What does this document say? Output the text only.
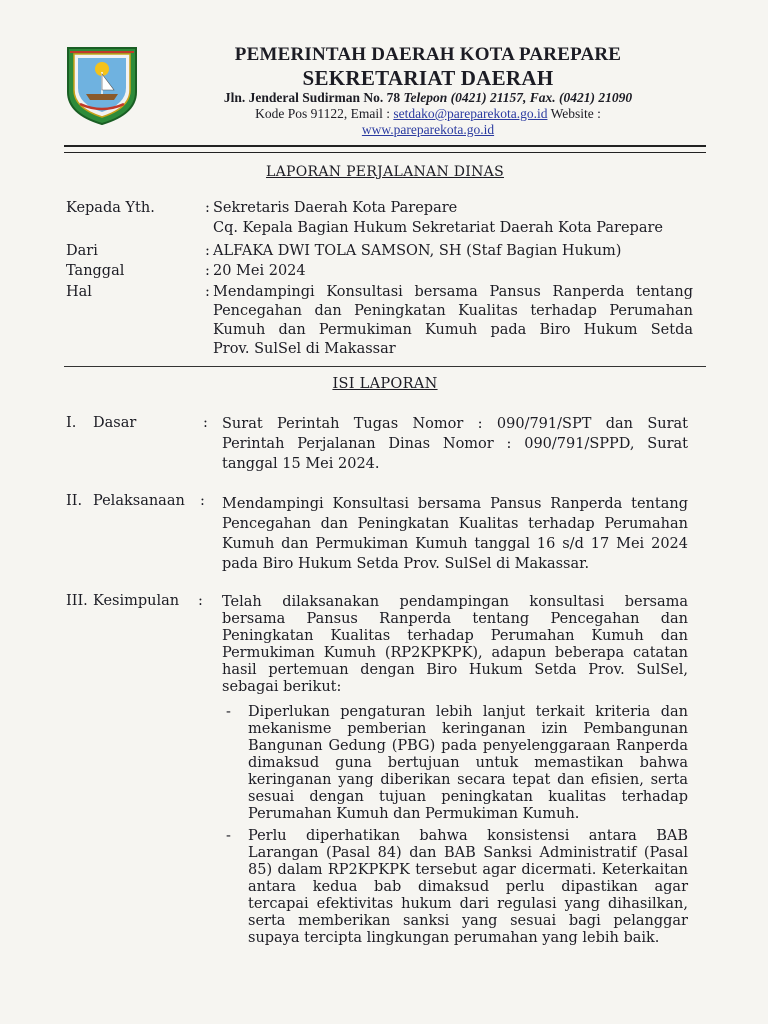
PEMERINTAH DAERAH KOTA PAREPARE
SEKRETARIAT DAERAH
Jln. Jenderal Sudirman No. 78 Telepon (0421) 21157, Fax. (0421) 21090
Kode Pos 91122, Email : setdako@pareparekota.go.id Website :
www.pareparekota.go.id
LAPORAN PERJALANAN DINAS
Kepada Yth.	: Sekretaris Daerah Kota Parepare
Cq. Kepala Bagian Hukum Sekretariat Daerah Kota Parepare
Dari	: ALFAKA DWI TOLA SAMSON, SH (Staf Bagian Hukum)
Tanggal	: 20 Mei 2024
Hal	: Mendampingi Konsultasi bersama Pansus Ranperda tentang
Pencegahan dan Peningkatan Kualitas terhadap Perumahan
Kumuh dan Permukiman Kumuh pada Biro Hukum Setda
Prov. SulSel di Makassar
ISI LAPORAN
I. Dasar	: Surat Perintah Tugas Nomor : 090/791/SPT dan Surat
Perintah Perjalanan Dinas Nomor : 090/791/SPPD, Surat
tanggal 15 Mei 2024.
II. Pelaksanaan : Mendampingi Konsultasi bersama Pansus Ranperda tentang
Pencegahan dan Peningkatan Kualitas terhadap Perumahan
Kumuh dan Permukiman Kumuh tanggal 16 s/d 17 Mei 2024
pada Biro Hukum Setda Prov. SulSel di Makassar.
III. Kesimpulan : Telah dilaksanakan pendampingan konsultasi bersama
bersama Pansus Ranperda tentang Pencegahan dan
Peningkatan Kualitas terhadap Perumahan Kumuh dan
Permukiman Kumuh (RP2KPKPK), adapun beberapa catatan
hasil pertemuan dengan Biro Hukum Setda Prov. SulSel,
sebagai berikut:
- Diperlukan pengaturan lebih lanjut terkait kriteria dan
mekanisme pemberian keringanan izin Pembangunan
Bangunan Gedung (PBG) pada penyelenggaraan Ranperda
dimaksud guna bertujuan untuk memastikan bahwa
keringanan yang diberikan secara tepat dan efisien, serta
sesuai dengan tujuan peningkatan kualitas terhadap
Perumahan Kumuh dan Permukiman Kumuh.
- Perlu diperhatikan bahwa konsistensi antara BAB
Larangan (Pasal 84) dan BAB Sanksi Administratif (Pasal
85) dalam RP2KPKPK tersebut agar dicermati. Keterkaitan
antara kedua bab dimaksud perlu dipastikan agar
tercapai efektivitas hukum dari regulasi yang dihasilkan,
serta memberikan sanksi yang sesuai bagi pelanggar
supaya tercipta lingkungan perumahan yang lebih baik.
